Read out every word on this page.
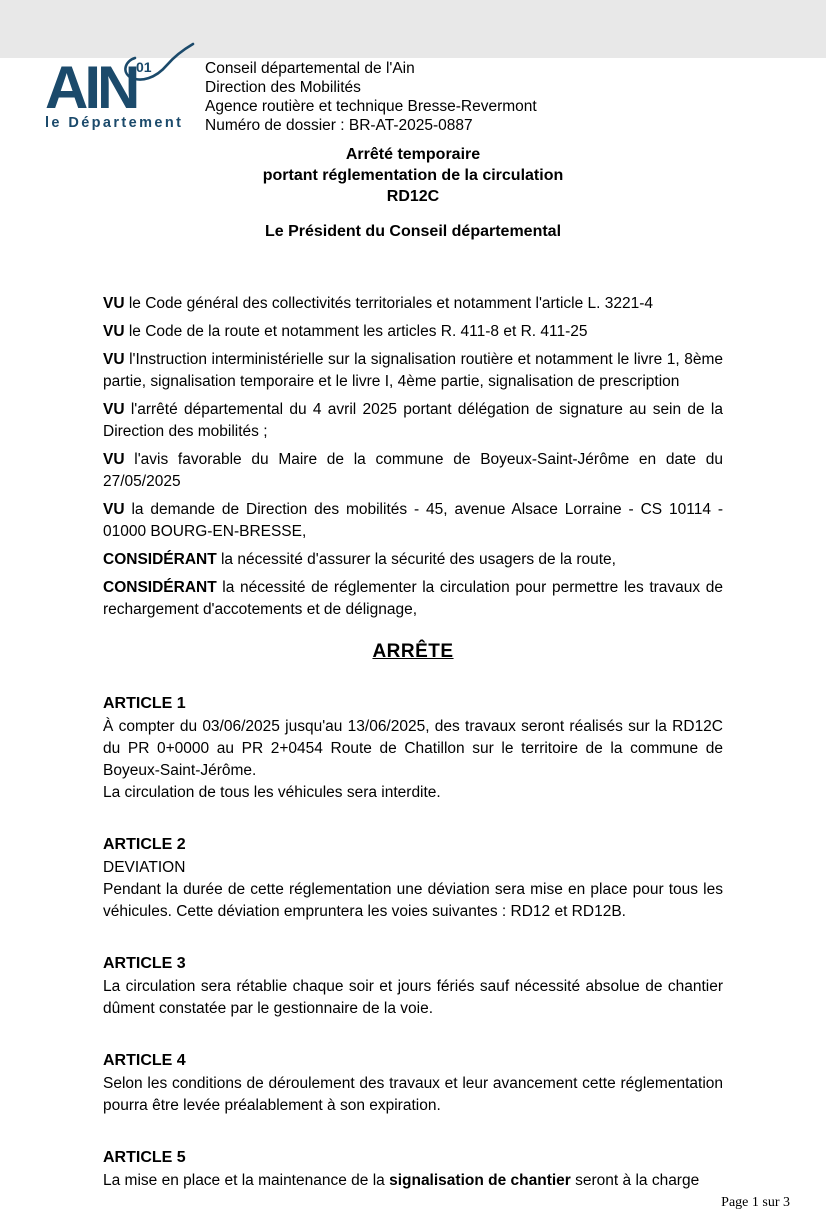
AIN 01
le Département
Conseil départemental de l'Ain
Direction des Mobilités
Agence routière et technique Bresse-Revermont
Numéro de dossier : BR-AT-2025-0887
Arrêté temporaire
portant réglementation de la circulation
RD12C
Le Président du Conseil départemental

VU le Code général des collectivités territoriales et notamment l'article L. 3221-4

VU le Code de la route et notamment les articles R. 411-8 et R. 411-25

VU l'Instruction interministérielle sur la signalisation routière et notamment le livre 1, 8ème partie, signalisation temporaire et le livre I, 4ème partie, signalisation de prescription

VU l'arrêté départemental du 4 avril 2025 portant délégation de signature au sein de la Direction des mobilités ;

VU l'avis favorable du Maire de la commune de Boyeux-Saint-Jérôme en date du 27/05/2025

VU la demande de Direction des mobilités - 45, avenue Alsace Lorraine - CS 10114 - 01000 BOURG-EN-BRESSE,

CONSIDÉRANT la nécessité d'assurer la sécurité des usagers de la route,

CONSIDÉRANT la nécessité de réglementer la circulation pour permettre les travaux de rechargement d'accotements et de délignage,

ARRÊTE
ARTICLE 1

À compter du 03/06/2025 jusqu'au 13/06/2025, des travaux seront réalisés sur la RD12C du PR 0+0000 au PR 2+0454 Route de Chatillon sur le territoire de la commune de Boyeux-Saint-Jérôme.

La circulation de tous les véhicules sera interdite.

ARTICLE 2

DEVIATION

Pendant la durée de cette réglementation une déviation sera mise en place pour tous les véhicules. Cette déviation empruntera les voies suivantes : RD12 et RD12B.

ARTICLE 3

La circulation sera rétablie chaque soir et jours fériés sauf nécessité absolue de chantier dûment constatée par le gestionnaire de la voie.

ARTICLE 4

Selon les conditions de déroulement des travaux et leur avancement cette réglementation pourra être levée préalablement à son expiration.

ARTICLE 5

La mise en place et la maintenance de la signalisation de chantier seront à la charge

Page 1 sur 3
